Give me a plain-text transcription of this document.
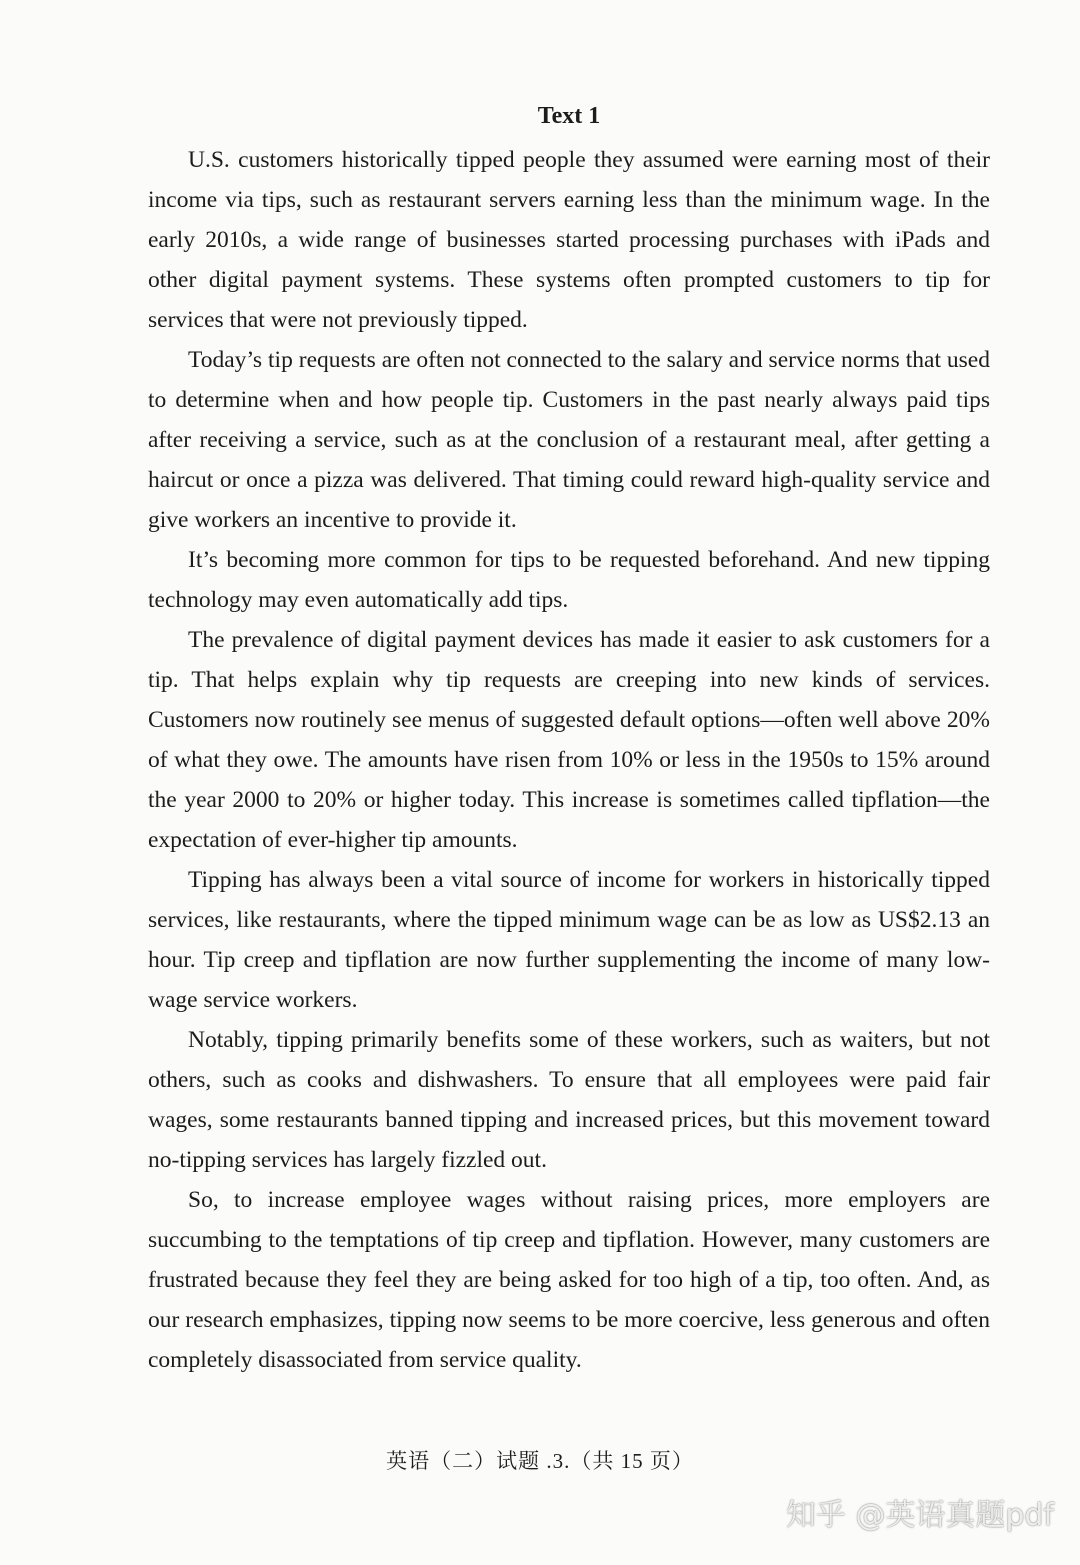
Text 1

U.S. customers historically tipped people they assumed were earning most of their income via tips, such as restaurant servers earning less than the minimum wage. In the early 2010s, a wide range of businesses started processing purchases with iPads and other digital payment systems. These systems often prompted customers to tip for services that were not previously tipped.

Today’s tip requests are often not connected to the salary and service norms that used to determine when and how people tip. Customers in the past nearly always paid tips after receiving a service, such as at the conclusion of a restaurant meal, after getting a haircut or once a pizza was delivered. That timing could reward high-quality service and give workers an incentive to provide it.

It’s becoming more common for tips to be requested beforehand. And new tipping technology may even automatically add tips.

The prevalence of digital payment devices has made it easier to ask customers for a tip. That helps explain why tip requests are creeping into new kinds of services. Customers now routinely see menus of suggested default options—often well above 20% of what they owe. The amounts have risen from 10% or less in the 1950s to 15% around the year 2000 to 20% or higher today. This increase is sometimes called tipflation—the expectation of ever-higher tip amounts.

Tipping has always been a vital source of income for workers in historically tipped services, like restaurants, where the tipped minimum wage can be as low as US$2.13 an hour. Tip creep and tipflation are now further supplementing the income of many low-wage service workers.

Notably, tipping primarily benefits some of these workers, such as waiters, but not others, such as cooks and dishwashers. To ensure that all employees were paid fair wages, some restaurants banned tipping and increased prices, but this movement toward no-tipping services has largely fizzled out.

So, to increase employee wages without raising prices, more employers are succumbing to the temptations of tip creep and tipflation. However, many customers are frustrated because they feel they are being asked for too high of a tip, too often. And, as our research emphasizes, tipping now seems to be more coercive, less generous and often completely disassociated from service quality.

英语（二）试题 .3.（共 15 页）
知乎 @英语真题pdf
